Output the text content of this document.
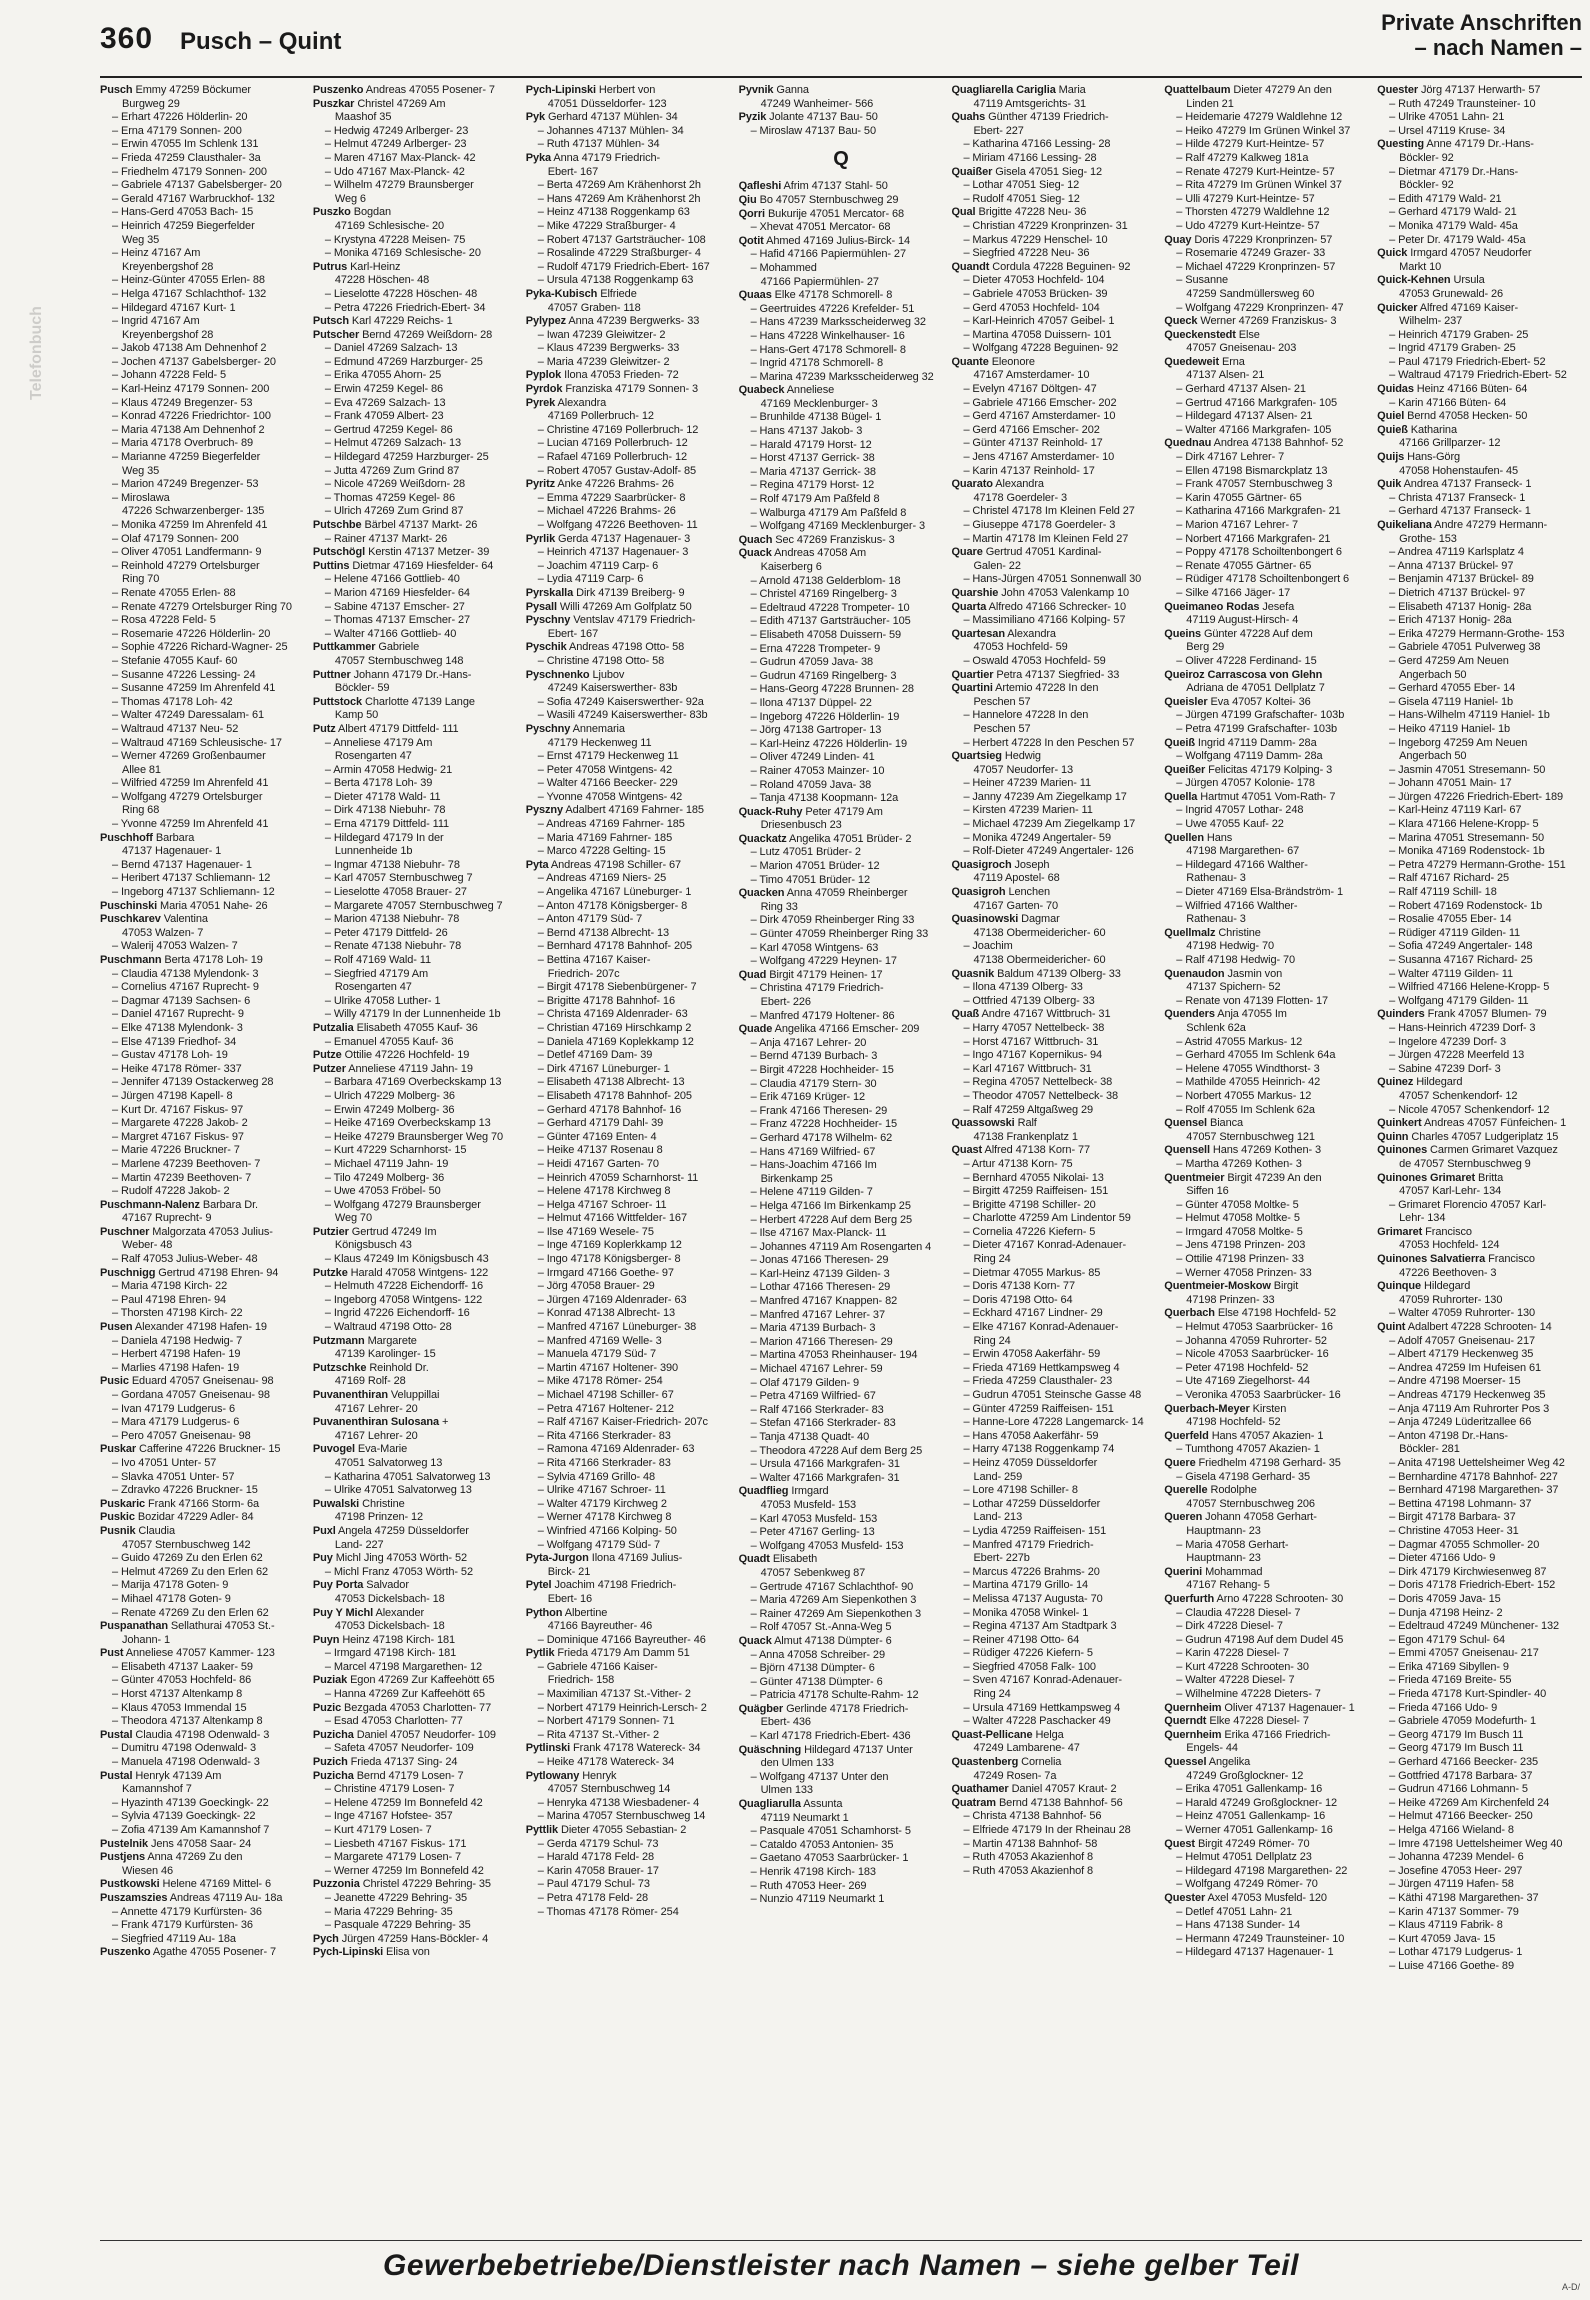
360 Pusch – Quint
Private Anschriften
– nach Namen –
Telefonbuch
Pusch Emmy 47259 Böckumer
Burgweg 29
– Erhart 47226 Hölderlin- 20
– Erna 47179 Sonnen- 200
– Erwin 47055 Im Schlenk 131
– Frieda 47259 Clausthaler- 3a
– Friedhelm 47179 Sonnen- 200
– Gabriele 47137 Gabelsberger- 20
– Gerald 47167 Warbruckhof- 132
– Hans-Gerd 47053 Bach- 15
– Heinrich 47259 Biegerfelder
Weg 35
– Heinz 47167 Am
Kreyenbergshof 28
– Heinz-Günter 47055 Erlen- 88
– Helga 47167 Schlachthof- 132
– Hildegard 47167 Kurt- 1
– Ingrid 47167 Am
Kreyenbergshof 28
– Jakob 47138 Am Dehnenhof 2
– Jochen 47137 Gabelsberger- 20
– Johann 47228 Feld- 5
– Karl-Heinz 47179 Sonnen- 200
– Klaus 47249 Bregenzer- 53
– Konrad 47226 Friedrichtor- 100
– Maria 47138 Am Dehnenhof 2
– Maria 47178 Overbruch- 89
– Marianne 47259 Biegerfelder
Weg 35
– Marion 47249 Bregenzer- 53
– Miroslawa
47226 Schwarzenberger- 135
– Monika 47259 Im Ahrenfeld 41
– Olaf 47179 Sonnen- 200
– Oliver 47051 Landfermann- 9
– Reinhold 47279 Ortelsburger
Ring 70
– Renate 47055 Erlen- 88
– Renate 47279 Ortelsburger Ring 70
– Rosa 47228 Feld- 5
– Rosemarie 47226 Hölderlin- 20
– Sophie 47226 Richard-Wagner- 25
– Stefanie 47055 Kauf- 60
– Susanne 47226 Lessing- 24
– Susanne 47259 Im Ahrenfeld 41
– Thomas 47178 Loh- 42
– Walter 47249 Daressalam- 61
– Waltraud 47137 Neu- 52
– Waltraud 47169 Schleusische- 17
– Werner 47269 Großenbaumer
Allee 81
– Wilfried 47259 Im Ahrenfeld 41
– Wolfgang 47279 Ortelsburger
Ring 68
– Yvonne 47259 Im Ahrenfeld 41
Puschhoff Barbara
47137 Hagenauer- 1
– Bernd 47137 Hagenauer- 1
– Heribert 47137 Schliemann- 12
– Ingeborg 47137 Schliemann- 12
Puschinski Maria 47051 Nahe- 26
Puschkarev Valentina
47053 Walzen- 7
– Walerij 47053 Walzen- 7
Puschmann Berta 47178 Loh- 19
– Claudia 47138 Mylendonk- 3
– Cornelius 47167 Ruprecht- 9
– Dagmar 47139 Sachsen- 6
– Daniel 47167 Ruprecht- 9
– Elke 47138 Mylendonk- 3
– Else 47139 Friedhof- 34
– Gustav 47178 Loh- 19
– Heike 47178 Römer- 337
– Jennifer 47139 Ostackerweg 28
– Jürgen 47198 Kapell- 8
– Kurt Dr. 47167 Fiskus- 97
– Margarete 47228 Jakob- 2
– Margret 47167 Fiskus- 97
– Marie 47226 Bruckner- 7
– Marlene 47239 Beethoven- 7
– Martin 47239 Beethoven- 7
– Rudolf 47228 Jakob- 2
Puschmann-Nalenz Barbara Dr.
47167 Ruprecht- 9
Puschner Malgorzata 47053 Julius-
Weber- 48
– Ralf 47053 Julius-Weber- 48
Puschnigg Gertrud 47198 Ehren- 94
– Maria 47198 Kirch- 22
– Paul 47198 Ehren- 94
– Thorsten 47198 Kirch- 22
Pusen Alexander 47198 Hafen- 19
– Daniela 47198 Hedwig- 7
– Herbert 47198 Hafen- 19
– Marlies 47198 Hafen- 19
Pusic Eduard 47057 Gneisenau- 98
– Gordana 47057 Gneisenau- 98
– Ivan 47179 Ludgerus- 6
– Mara 47179 Ludgerus- 6
– Pero 47057 Gneisenau- 98
Puskar Cafferine 47226 Bruckner- 15
– Ivo 47051 Unter- 57
– Slavka 47051 Unter- 57
– Zdravko 47226 Bruckner- 15
Puskaric Frank 47166 Storm- 6a
Puskic Bozidar 47229 Adler- 84
Pusnik Claudia
47057 Sternbuschweg 142
– Guido 47269 Zu den Erlen 62
– Helmut 47269 Zu den Erlen 62
– Marija 47178 Goten- 9
– Mihael 47178 Goten- 9
– Renate 47269 Zu den Erlen 62
Puspanathan Sellathurai 47053 St.-
Johann- 1
Pust Anneliese 47057 Kammer- 123
– Elisabeth 47137 Laaker- 59
– Günter 47053 Hochfeld- 86
– Horst 47137 Altenkamp 8
– Klaus 47053 Immendal 15
– Theodora 47137 Altenkamp 8
Pustal Claudia 47198 Odenwald- 3
– Dumitru 47198 Odenwald- 3
– Manuela 47198 Odenwald- 3
Pustal Henryk 47139 Am
Kamannshof 7
– Hyazinth 47139 Goeckingk- 22
– Sylvia 47139 Goeckingk- 22
– Zofia 47139 Am Kamannshof 7
Pustelnik Jens 47058 Saar- 24
Pustjens Anna 47269 Zu den
Wiesen 46
Pustkowski Helene 47169 Mittel- 6
Puszamszies Andreas 47119 Au- 18a
– Annette 47179 Kurfürsten- 36
– Frank 47179 Kurfürsten- 36
– Siegfried 47119 Au- 18a
Puszenko Agathe 47055 Posener- 7
Puszenko Andreas 47055 Posener- 7
Puszkar Christel 47269 Am
Maashof 35
– Hedwig 47249 Arlberger- 23
– Helmut 47249 Arlberger- 23
– Maren 47167 Max-Planck- 42
– Udo 47167 Max-Planck- 42
– Wilhelm 47279 Braunsberger
Weg 6
Puszko Bogdan
47169 Schlesische- 20
– Krystyna 47228 Meisen- 75
– Monika 47169 Schlesische- 20
Putrus Karl-Heinz
47228 Höschen- 48
– Lieselotte 47228 Höschen- 48
– Petra 47226 Friedrich-Ebert- 34
Putsch Karl 47229 Reichs- 1
Putscher Bernd 47269 Weißdorn- 28
– Daniel 47269 Salzach- 13
– Edmund 47269 Harzburger- 25
– Erika 47055 Ahorn- 25
– Erwin 47259 Kegel- 86
– Eva 47269 Salzach- 13
– Frank 47059 Albert- 23
– Gertrud 47259 Kegel- 86
– Helmut 47269 Salzach- 13
– Hildegard 47259 Harzburger- 25
– Jutta 47269 Zum Grind 87
– Nicole 47269 Weißdorn- 28
– Thomas 47259 Kegel- 86
– Ulrich 47269 Zum Grind 87
Putschbe Bärbel 47137 Markt- 26
– Rainer 47137 Markt- 26
Putschögl Kerstin 47137 Metzer- 39
Puttins Dietmar 47169 Hiesfelder- 64
– Helene 47166 Gottlieb- 40
– Marion 47169 Hiesfelder- 64
– Sabine 47137 Emscher- 27
– Thomas 47137 Emscher- 27
– Walter 47166 Gottlieb- 40
Puttkammer Gabriele
47057 Sternbuschweg 148
Puttner Johann 47179 Dr.-Hans-
Böckler- 59
Puttstock Charlotte 47139 Lange
Kamp 50
Putz Albert 47179 Dittfeld- 111
– Anneliese 47179 Am
Rosengarten 47
– Armin 47058 Hedwig- 21
– Berta 47178 Loh- 39
– Dieter 47178 Wald- 11
– Dirk 47138 Niebuhr- 78
– Erna 47179 Dittfeld- 111
– Hildegard 47179 In der
Lunnenheide 1b
– Ingmar 47138 Niebuhr- 78
– Karl 47057 Sternbuschweg 7
– Lieselotte 47058 Brauer- 27
– Margarete 47057 Sternbuschweg 7
– Marion 47138 Niebuhr- 78
– Peter 47179 Dittfeld- 26
– Renate 47138 Niebuhr- 78
– Rolf 47169 Wald- 11
– Siegfried 47179 Am
Rosengarten 47
– Ulrike 47058 Luther- 1
– Willy 47179 In der Lunnenheide 1b
Putzalia Elisabeth 47055 Kauf- 36
– Emanuel 47055 Kauf- 36
Putze Ottilie 47226 Hochfeld- 19
Putzer Anneliese 47119 Jahn- 19
– Barbara 47169 Overbeckskamp 13
– Ulrich 47229 Molberg- 36
– Erwin 47249 Molberg- 36
– Heike 47169 Overbeckskamp 13
– Heike 47279 Braunsberger Weg 70
– Kurt 47229 Scharnhorst- 15
– Michael 47119 Jahn- 19
– Tilo 47249 Molberg- 36
– Uwe 47053 Fröbel- 50
– Wolfgang 47279 Braunsberger
Weg 70
Putzier Gertrud 47249 Im
Königsbusch 43
– Klaus 47249 Im Königsbusch 43
Putzke Harald 47058 Wintgens- 122
– Helmuth 47228 Eichendorff- 16
– Ingeborg 47058 Wintgens- 122
– Ingrid 47226 Eichendorff- 16
– Waltraud 47198 Otto- 28
Putzmann Margarete
47139 Karolinger- 15
Putzschke Reinhold Dr.
47169 Rolf- 28
Puvanenthiran Veluppillai
47167 Lehrer- 20
Puvanenthiran Sulosana +
47167 Lehrer- 20
Puvogel Eva-Marie
47051 Salvatorweg 13
– Katharina 47051 Salvatorweg 13
– Ulrike 47051 Salvatorweg 13
Puwalski Christine
47198 Prinzen- 12
Puxl Angela 47259 Düsseldorfer
Land- 227
Puy Michl Jing 47053 Wörth- 52
– Michl Franz 47053 Wörth- 52
Puy Porta Salvador
47053 Dickelsbach- 18
Puy Y Michl Alexander
47053 Dickelsbach- 18
Puyn Heinz 47198 Kirch- 181
– Irmgard 47198 Kirch- 181
– Marcel 47198 Margarethen- 12
Puziak Egon 47269 Zur Kaffeehött 65
– Hanna 47269 Zur Kaffeehött 65
Puzic Bezgada 47053 Charlotten- 77
– Esad 47053 Charlotten- 77
Puzicha Daniel 47057 Neudorfer- 109
– Safeta 47057 Neudorfer- 109
Puzich Frieda 47137 Sing- 24
Puzicha Bernd 47179 Losen- 7
– Christine 47179 Losen- 7
– Helene 47259 Im Bonnefeld 42
– Inge 47167 Hofstee- 357
– Kurt 47179 Losen- 7
– Liesbeth 47167 Fiskus- 171
– Margarete 47179 Losen- 7
– Werner 47259 Im Bonnefeld 42
Puzzonia Christel 47229 Behring- 35
– Jeanette 47229 Behring- 35
– Maria 47229 Behring- 35
– Pasquale 47229 Behring- 35
Pych Jürgen 47259 Hans-Böckler- 4
Pych-Lipinski Elisa von
Pych-Lipinski Herbert von
47051 Düsseldorfer- 123
Pyk Gerhard 47137 Mühlen- 34
– Johannes 47137 Mühlen- 34
– Ruth 47137 Mühlen- 34
Pyka Anna 47179 Friedrich-
Ebert- 167
– Berta 47269 Am Krähenhorst 2h
– Hans 47269 Am Krähenhorst 2h
– Heinz 47138 Roggenkamp 63
– Mike 47229 Straßburger- 4
– Robert 47137 Gartsträucher- 108
– Rosalinde 47229 Straßburger- 4
– Rudolf 47179 Friedrich-Ebert- 167
– Ursula 47138 Roggenkamp 63
Pyka-Kubisch Elfriede
47057 Graben- 118
Pylypez Anna 47239 Bergwerks- 33
– Iwan 47239 Gleiwitzer- 2
– Klaus 47239 Bergwerks- 33
– Maria 47239 Gleiwitzer- 2
Pyplok Ilona 47053 Frieden- 72
Pyrdok Franziska 47179 Sonnen- 3
Pyrek Alexandra
47169 Pollerbruch- 12
– Christine 47169 Pollerbruch- 12
– Lucian 47169 Pollerbruch- 12
– Rafael 47169 Pollerbruch- 12
– Robert 47057 Gustav-Adolf- 85
Pyritz Anke 47226 Brahms- 26
– Emma 47229 Saarbrücker- 8
– Michael 47226 Brahms- 26
– Wolfgang 47226 Beethoven- 11
Pyrlik Gerda 47137 Hagenauer- 3
– Heinrich 47137 Hagenauer- 3
– Joachim 47119 Carp- 6
– Lydia 47119 Carp- 6
Pyrskalla Dirk 47139 Breiberg- 9
Pysall Willi 47269 Am Golfplatz 50
Pyschny Ventslav 47179 Friedrich-
Ebert- 167
Pyschik Andreas 47198 Otto- 58
– Christine 47198 Otto- 58
Pyschnenko Ljubov
47249 Kaiserswerther- 83b
– Sofia 47249 Kaiserswerther- 92a
– Wasili 47249 Kaiserswerther- 83b
Pyschny Annemaria
47179 Heckenweg 11
– Ernst 47179 Heckenweg 11
– Peter 47058 Wintgens- 42
– Walter 47166 Beecker- 229
– Yvonne 47058 Wintgens- 42
Pyszny Adalbert 47169 Fahrner- 185
– Andreas 47169 Fahrner- 185
– Maria 47169 Fahrner- 185
– Marco 47228 Gelting- 15
Pyta Andreas 47198 Schiller- 67
– Andreas 47169 Niers- 25
– Angelika 47167 Lüneburger- 1
– Anton 47178 Königsberger- 8
– Anton 47179 Süd- 7
– Bernd 47138 Albrecht- 13
– Bernhard 47178 Bahnhof- 205
– Bettina 47167 Kaiser-
Friedrich- 207c
– Birgit 47178 Siebenbürgener- 7
– Brigitte 47178 Bahnhof- 16
– Christa 47169 Aldenrader- 63
– Christian 47169 Hirschkamp 2
– Daniela 47169 Koplekkamp 12
– Detlef 47169 Dam- 39
– Dirk 47167 Lüneburger- 1
– Elisabeth 47138 Albrecht- 13
– Elisabeth 47178 Bahnhof- 205
– Gerhard 47178 Bahnhof- 16
– Gerhard 47179 Dahl- 39
– Günter 47169 Enten- 4
– Heike 47137 Rosenau 8
– Heidi 47167 Garten- 70
– Heinrich 47059 Scharnhorst- 11
– Helene 47178 Kirchweg 8
– Helga 47167 Schroer- 11
– Helmut 47166 Wittfelder- 167
– Ilse 47169 Wesele- 75
– Inge 47169 Koplerkkamp 12
– Ingo 47178 Königsberger- 8
– Irmgard 47166 Goethe- 97
– Jörg 47058 Brauer- 29
– Jürgen 47169 Aldenrader- 63
– Konrad 47138 Albrecht- 13
– Manfred 47167 Lüneburger- 38
– Manfred 47169 Welle- 3
– Manuela 47179 Süd- 7
– Martin 47167 Holtener- 390
– Mike 47178 Römer- 254
– Michael 47198 Schiller- 67
– Petra 47167 Holtener- 212
– Ralf 47167 Kaiser-Friedrich- 207c
– Rita 47166 Sterkrader- 83
– Ramona 47169 Aldenrader- 63
– Rita 47166 Sterkrader- 83
– Sylvia 47169 Grillo- 48
– Ulrike 47167 Schroer- 11
– Walter 47179 Kirchweg 2
– Werner 47178 Kirchweg 8
– Winfried 47166 Kolping- 50
– Wolfgang 47179 Süd- 7
Pyta-Jurgon Ilona 47169 Julius-
Birck- 21
Pytel Joachim 47198 Friedrich-
Ebert- 16
Python Albertine
47166 Bayreuther- 46
– Dominique 47166 Bayreuther- 46
Pytlik Frieda 47179 Am Damm 51
– Gabriele 47166 Kaiser-
Friedrich- 158
– Maximilian 47137 St.-Vither- 2
– Norbert 47179 Heinrich-Lersch- 2
– Norbert 47179 Sonnen- 71
– Rita 47137 St.-Vither- 2
Pytlinski Frank 47178 Watereck- 34
– Heike 47178 Watereck- 34
Pytlowany Henryk
47057 Sternbuschweg 14
– Henryka 47138 Wiesbadener- 4
– Marina 47057 Sternbuschweg 14
Pyttlik Dieter 47055 Sebastian- 2
– Gerda 47179 Schul- 73
– Harald 47178 Feld- 28
– Karin 47058 Brauer- 17
– Paul 47179 Schul- 73
– Petra 47178 Feld- 28
– Thomas 47178 Römer- 254
Pyvnik Ganna
47249 Wanheimer- 566
Pyzik Jolante 47137 Bau- 50
– Miroslaw 47137 Bau- 50
Q
Qafleshi Afrim 47137 Stahl- 50
Qiu Bo 47057 Sternbuschweg 29
Qorri Bukurije 47051 Mercator- 68
– Xhevat 47051 Mercator- 68
Qotit Ahmed 47169 Julius-Birck- 14
– Hafid 47166 Papiermühlen- 27
– Mohammed
47166 Papiermühlen- 27
Quaas Elke 47178 Schmorell- 8
– Geertruides 47226 Krefelder- 51
– Hans 47239 Marksscheiderweg 32
– Hans 47228 Winkelhauser- 16
– Hans-Gert 47178 Schmorell- 8
– Ingrid 47178 Schmorell- 8
– Marina 47239 Marksscheiderweg 32
Quabeck Anneliese
47169 Mecklenburger- 3
– Brunhilde 47138 Bügel- 1
– Hans 47137 Jakob- 3
– Harald 47179 Horst- 12
– Horst 47137 Gerrick- 38
– Maria 47137 Gerrick- 38
– Regina 47179 Horst- 12
– Rolf 47179 Am Paßfeld 8
– Walburga 47179 Am Paßfeld 8
– Wolfgang 47169 Mecklenburger- 3
Quach Sec 47269 Franziskus- 3
Quack Andreas 47058 Am
Kaiserberg 6
– Arnold 47138 Gelderblom- 18
– Christel 47169 Ringelberg- 3
– Edeltraud 47228 Trompeter- 10
– Edith 47137 Gartsträucher- 105
– Elisabeth 47058 Duissern- 59
– Erna 47228 Trompeter- 9
– Gudrun 47059 Java- 38
– Gudrun 47169 Ringelberg- 3
– Hans-Georg 47228 Brunnen- 28
– Ilona 47137 Düppel- 22
– Ingeborg 47226 Hölderlin- 19
– Jörg 47138 Gartroper- 13
– Karl-Heinz 47226 Hölderlin- 19
– Oliver 47249 Linden- 41
– Rainer 47053 Mainzer- 10
– Roland 47059 Java- 38
– Tanja 47138 Koopmann- 12a
Quack-Ruhy Peter 47179 Am
Driesenbusch 23
Quackatz Angelika 47051 Brüder- 2
– Lutz 47051 Brüder- 2
– Marion 47051 Brüder- 12
– Timo 47051 Brüder- 12
Quacken Anna 47059 Rheinberger
Ring 33
– Dirk 47059 Rheinberger Ring 33
– Günter 47059 Rheinberger Ring 33
– Karl 47058 Wintgens- 63
– Wolfgang 47229 Heynen- 17
Quad Birgit 47179 Heinen- 17
– Christina 47179 Friedrich-
Ebert- 226
– Manfred 47179 Holtener- 86
Quade Angelika 47166 Emscher- 209
– Anja 47167 Lehrer- 20
– Bernd 47139 Burbach- 3
– Birgit 47228 Hochheider- 15
– Claudia 47179 Stern- 30
– Erik 47169 Krüger- 12
– Frank 47166 Theresen- 29
– Franz 47228 Hochheider- 15
– Gerhard 47178 Wilhelm- 62
– Hans 47169 Wilfried- 67
– Hans-Joachim 47166 Im
Birkenkamp 25
– Helene 47119 Gilden- 7
– Helga 47166 Im Birkenkamp 25
– Herbert 47228 Auf dem Berg 25
– Ilse 47167 Max-Planck- 11
– Johannes 47119 Am Rosengarten 4
– Jonas 47166 Theresen- 29
– Karl-Heinz 47139 Gilden- 3
– Lothar 47166 Theresen- 29
– Manfred 47167 Knappen- 82
– Manfred 47167 Lehrer- 37
– Maria 47139 Burbach- 3
– Marion 47166 Theresen- 29
– Martina 47053 Rheinhauser- 194
– Michael 47167 Lehrer- 59
– Olaf 47179 Gilden- 9
– Petra 47169 Wilfried- 67
– Ralf 47166 Sterkrader- 83
– Stefan 47166 Sterkrader- 83
– Tanja 47138 Quadt- 40
– Theodora 47228 Auf dem Berg 25
– Ursula 47166 Markgrafen- 31
– Walter 47166 Markgrafen- 31
Quadflieg Irmgard
47053 Musfeld- 153
– Karl 47053 Musfeld- 153
– Peter 47167 Gerling- 13
– Wolfgang 47053 Musfeld- 153
Quadt Elisabeth
47057 Sebenkweg 87
– Gertrude 47167 Schlachthof- 90
– Maria 47269 Am Siepenkothen 3
– Rainer 47269 Am Siepenkothen 3
– Rolf 47057 St.-Anna-Weg 5
Quack Almut 47138 Dümpter- 6
– Anna 47058 Schreiber- 29
– Björn 47138 Dümpter- 6
– Günter 47138 Dümpter- 6
– Patricia 47178 Schulte-Rahm- 12
Quägber Gerlinde 47178 Friedrich-
Ebert- 436
– Karl 47178 Friedrich-Ebert- 436
Quäschning Hildegard 47137 Unter
den Ulmen 133
– Wolfgang 47137 Unter den
Ulmen 133
Quagliarulla Assunta
47119 Neumarkt 1
– Pasquale 47051 Schamhorst- 5
– Cataldo 47053 Antonien- 35
– Gaetano 47053 Saarbrücker- 1
– Henrik 47198 Kirch- 183
– Ruth 47053 Heer- 269
– Nunzio 47119 Neumarkt 1
Quagliarella Cariglia Maria
47119 Amtsgerichts- 31
Quahs Günther 47139 Friedrich-
Ebert- 227
– Katharina 47166 Lessing- 28
– Miriam 47166 Lessing- 28
Quaißer Gisela 47051 Sieg- 12
– Lothar 47051 Sieg- 12
– Rudolf 47051 Sieg- 12
Qual Brigitte 47228 Neu- 36
– Christian 47229 Kronprinzen- 31
– Markus 47229 Henschel- 10
– Siegfried 47228 Neu- 36
Quandt Cordula 47228 Beguinen- 92
– Dieter 47053 Hochfeld- 104
– Gabriele 47053 Brücken- 39
– Gerd 47053 Hochfeld- 104
– Karl-Heinrich 47057 Geibel- 1
– Martina 47058 Duissern- 101
– Wolfgang 47228 Beguinen- 92
Quante Eleonore
47167 Amsterdamer- 10
– Evelyn 47167 Döltgen- 47
– Gabriele 47166 Emscher- 202
– Gerd 47167 Amsterdamer- 10
– Gerd 47166 Emscher- 202
– Günter 47137 Reinhold- 17
– Jens 47167 Amsterdamer- 10
– Karin 47137 Reinhold- 17
Quarato Alexandra
47178 Goerdeler- 3
– Christel 47178 Im Kleinen Feld 27
– Giuseppe 47178 Goerdeler- 3
– Martin 47178 Im Kleinen Feld 27
Quare Gertrud 47051 Kardinal-
Galen- 22
– Hans-Jürgen 47051 Sonnenwall 30
Quarshie John 47053 Valenkamp 10
Quarta Alfredo 47166 Schrecker- 10
– Massimiliano 47166 Kolping- 57
Quartesan Alexandra
47053 Hochfeld- 59
– Oswald 47053 Hochfeld- 59
Quartier Petra 47137 Siegfried- 33
Quartini Artemio 47228 In den
Peschen 57
– Hannelore 47228 In den
Peschen 57
– Herbert 47228 In den Peschen 57
Quartsieg Hedwig
47057 Neudorfer- 13
– Heiner 47239 Marien- 11
– Janny 47239 Am Ziegelkamp 17
– Kirsten 47239 Marien- 11
– Michael 47239 Am Ziegelkamp 17
– Monika 47249 Angertaler- 59
– Rolf-Dieter 47249 Angertaler- 126
Quasigroch Joseph
47119 Apostel- 68
Quasigroh Lenchen
47167 Garten- 70
Quasinowski Dagmar
47138 Obermeidericher- 60
– Joachim
47138 Obermeidericher- 60
Quasnik Baldum 47139 Olberg- 33
– Ilona 47139 Olberg- 33
– Ottfried 47139 Olberg- 33
Quaß Andre 47167 Wittbruch- 31
– Harry 47057 Nettelbeck- 38
– Horst 47167 Wittbruch- 31
– Ingo 47167 Kopernikus- 94
– Karl 47167 Wittbruch- 31
– Regina 47057 Nettelbeck- 38
– Theodor 47057 Nettelbeck- 38
– Ralf 47259 Altgaßweg 29
Quassowski Ralf
47138 Frankenplatz 1
Quast Alfred 47138 Korn- 77
– Artur 47138 Korn- 75
– Bernhard 47055 Nikolai- 13
– Birgitt 47259 Raiffeisen- 151
– Brigitte 47198 Schiller- 20
– Charlotte 47259 Am Lindentor 59
– Cornelia 47226 Kiefern- 5
– Dieter 47167 Konrad-Adenauer-
Ring 24
– Dietmar 47055 Markus- 85
– Doris 47138 Korn- 77
– Doris 47198 Otto- 64
– Eckhard 47167 Lindner- 29
– Elke 47167 Konrad-Adenauer-
Ring 24
– Erwin 47058 Aakerfähr- 59
– Frieda 47169 Hettkampsweg 4
– Frieda 47259 Clausthaler- 23
– Gudrun 47051 Steinsche Gasse 48
– Günter 47259 Raiffeisen- 151
– Hanne-Lore 47228 Langemarck- 14
– Hans 47058 Aakerfähr- 59
– Harry 47138 Roggenkamp 74
– Heinz 47059 Düsseldorfer
Land- 259
– Lore 47198 Schiller- 8
– Lothar 47259 Düsseldorfer
Land- 213
– Lydia 47259 Raiffeisen- 151
– Manfred 47179 Friedrich-
Ebert- 227b
– Marcus 47226 Brahms- 20
– Martina 47179 Grillo- 14
– Melissa 47137 Augusta- 70
– Monika 47058 Winkel- 1
– Regina 47137 Am Stadtpark 3
– Reiner 47198 Otto- 64
– Rüdiger 47226 Kiefern- 5
– Siegfried 47058 Falk- 100
– Sven 47167 Konrad-Adenauer-
Ring 24
– Ursula 47169 Hettkampsweg 4
– Walter 47228 Paschacker 49
Quast-Pellicane Helga
47249 Lambarene- 47
Quastenberg Cornelia
47249 Rosen- 7a
Quathamer Daniel 47057 Kraut- 2
Quatram Bernd 47138 Bahnhof- 56
– Christa 47138 Bahnhof- 56
– Elfriede 47179 In der Rheinau 28
– Martin 47138 Bahnhof- 58
– Ruth 47053 Akazienhof 8
– Ruth 47053 Akazienhof 8
Quattelbaum Dieter 47279 An den
Linden 21
– Heidemarie 47279 Waldlehne 12
– Heiko 47279 Im Grünen Winkel 37
– Hilde 47279 Kurt-Heintze- 57
– Ralf 47279 Kalkweg 181a
– Renate 47279 Kurt-Heintze- 57
– Rita 47279 Im Grünen Winkel 37
– Ulli 47279 Kurt-Heintze- 57
– Thorsten 47279 Waldlehne 12
– Udo 47279 Kurt-Heintze- 57
Quay Doris 47229 Kronprinzen- 57
– Rosemarie 47249 Grazer- 33
– Michael 47229 Kronprinzen- 57
– Susanne
47259 Sandmüllersweg 60
– Wolfgang 47229 Kronprinzen- 47
Queck Werner 47269 Franziskus- 3
Queckenstedt Else
47057 Gneisenau- 203
Quedeweit Erna
47137 Alsen- 21
– Gerhard 47137 Alsen- 21
– Gertrud 47166 Markgrafen- 105
– Hildegard 47137 Alsen- 21
– Walter 47166 Markgrafen- 105
Quednau Andrea 47138 Bahnhof- 52
– Dirk 47167 Lehrer- 7
– Ellen 47198 Bismarckplatz 13
– Frank 47057 Sternbuschweg 3
– Karin 47055 Gärtner- 65
– Katharina 47166 Markgrafen- 21
– Marion 47167 Lehrer- 7
– Norbert 47166 Markgrafen- 21
– Poppy 47178 Schoiltenbongert 6
– Renate 47055 Gärtner- 65
– Rüdiger 47178 Schoiltenbongert 6
– Silke 47166 Jäger- 17
Queimaneo Rodas Jesefa
47119 August-Hirsch- 4
Queins Günter 47228 Auf dem
Berg 29
– Oliver 47228 Ferdinand- 15
Queiroz Carrascosa von Glehn
Adriana de 47051 Dellplatz 7
Queisler Eva 47057 Koltei- 36
– Jürgen 47199 Grafschafter- 103b
– Petra 47199 Grafschafter- 103b
Queiß Ingrid 47119 Damm- 28a
– Wolfgang 47119 Damm- 28a
Queißer Felicitas 47179 Kolping- 3
– Jürgen 47057 Kolonie- 178
Quella Hartmut 47051 Vom-Rath- 7
– Ingrid 47057 Lothar- 248
– Uwe 47055 Kauf- 22
Quellen Hans
47198 Margarethen- 67
– Hildegard 47166 Walther-
Rathenau- 3
– Dieter 47169 Elsa-Brändström- 1
– Wilfried 47166 Walther-
Rathenau- 3
Quellmalz Christine
47198 Hedwig- 70
– Ralf 47198 Hedwig- 70
Quenaudon Jasmin von
47137 Spichern- 52
– Renate von 47139 Flotten- 17
Quenders Anja 47055 Im
Schlenk 62a
– Astrid 47055 Markus- 12
– Gerhard 47055 Im Schlenk 64a
– Helene 47055 Windthorst- 3
– Mathilde 47055 Heinrich- 42
– Norbert 47055 Markus- 12
– Rolf 47055 Im Schlenk 62a
Quensel Bianca
47057 Sternbuschweg 121
Quensell Hans 47269 Kothen- 3
– Martha 47269 Kothen- 3
Quentmeier Birgit 47239 An den
Siffen 16
– Günter 47058 Moltke- 5
– Helmut 47058 Moltke- 5
– Irmgard 47058 Moltke- 5
– Jens 47198 Prinzen- 203
– Ottilie 47198 Prinzen- 33
– Werner 47058 Prinzen- 33
Quentmeier-Moskow Birgit
47198 Prinzen- 33
Querbach Else 47198 Hochfeld- 52
– Helmut 47053 Saarbrücker- 16
– Johanna 47059 Ruhrorter- 52
– Nicole 47053 Saarbrücker- 16
– Peter 47198 Hochfeld- 52
– Ute 47169 Ziegelhorst- 44
– Veronika 47053 Saarbrücker- 16
Querbach-Meyer Kirsten
47198 Hochfeld- 52
Querfeld Hans 47057 Akazien- 1
– Tumthong 47057 Akazien- 1
Quere Friedhelm 47198 Gerhard- 35
– Gisela 47198 Gerhard- 35
Querelle Rodolphe
47057 Sternbuschweg 206
Queren Johann 47058 Gerhart-
Hauptmann- 23
– Maria 47058 Gerhart-
Hauptmann- 23
Querini Mohammad
47167 Rehang- 5
Querfurth Arno 47228 Schrooten- 30
– Claudia 47228 Diesel- 7
– Dirk 47228 Diesel- 7
– Gudrun 47198 Auf dem Dudel 45
– Karin 47228 Diesel- 7
– Kurt 47228 Schrooten- 30
– Walter 47228 Diesel- 7
– Wilhelmine 47228 Dieters- 7
Quernheim Oliver 47137 Hagenauer- 1
Querndt Elke 47228 Diesel- 7
Quernheim Erika 47166 Friedrich-
Engels- 44
Quessel Angelika
47249 Großglockner- 12
– Erika 47051 Gallenkamp- 16
– Harald 47249 Großglockner- 12
– Heinz 47051 Gallenkamp- 16
– Werner 47051 Gallenkamp- 16
Quest Birgit 47249 Römer- 70
– Helmut 47051 Dellplatz 23
– Hildegard 47198 Margarethen- 22
– Wolfgang 47249 Römer- 70
Quester Axel 47053 Musfeld- 120
– Detlef 47051 Lahn- 21
– Hans 47138 Sunder- 14
– Hermann 47249 Traunsteiner- 10
– Hildegard 47137 Hagenauer- 1
Quester Jörg 47137 Herwarth- 57
– Ruth 47249 Traunsteiner- 10
– Ulrike 47051 Lahn- 21
– Ursel 47119 Kruse- 34
Questing Anne 47179 Dr.-Hans-
Böckler- 92
– Dietmar 47179 Dr.-Hans-
Böckler- 92
– Edith 47179 Wald- 21
– Gerhard 47179 Wald- 21
– Monika 47179 Wald- 45a
– Peter Dr. 47179 Wald- 45a
Quick Irmgard 47057 Neudorfer
Markt 10
Quick-Kehnen Ursula
47053 Grunewald- 26
Quicker Alfred 47169 Kaiser-
Wilhelm- 237
– Heinrich 47179 Graben- 25
– Ingrid 47179 Graben- 25
– Paul 47179 Friedrich-Ebert- 52
– Waltraud 47179 Friedrich-Ebert- 52
Quidas Heinz 47166 Büten- 64
– Karin 47166 Büten- 64
Quiel Bernd 47058 Hecken- 50
Quieß Katharina
47166 Grillparzer- 12
Quijs Hans-Görg
47058 Hohenstaufen- 45
Quik Andrea 47137 Franseck- 1
– Christa 47137 Franseck- 1
– Gerhard 47137 Franseck- 1
Quikeliana Andre 47279 Hermann-
Grothe- 153
– Andrea 47119 Karlsplatz 4
– Anna 47137 Brückel- 97
– Benjamin 47137 Brückel- 89
– Dietrich 47137 Brückel- 97
– Elisabeth 47137 Honig- 28a
– Erich 47137 Honig- 28a
– Erika 47279 Hermann-Grothe- 153
– Gabriele 47051 Pulverweg 38
– Gerd 47259 Am Neuen
Angerbach 50
– Gerhard 47055 Eber- 14
– Gisela 47119 Haniel- 1b
– Hans-Wilhelm 47119 Haniel- 1b
– Heiko 47119 Haniel- 1b
– Ingeborg 47259 Am Neuen
Angerbach 50
– Jasmin 47051 Stresemann- 50
– Johann 47051 Main- 17
– Jürgen 47226 Friedrich-Ebert- 189
– Karl-Heinz 47119 Karl- 67
– Klara 47166 Helene-Kropp- 5
– Marina 47051 Stresemann- 50
– Monika 47169 Rodenstock- 1b
– Petra 47279 Hermann-Grothe- 151
– Ralf 47167 Richard- 25
– Ralf 47119 Schill- 18
– Robert 47169 Rodenstock- 1b
– Rosalie 47055 Eber- 14
– Rüdiger 47119 Gilden- 11
– Sofia 47249 Angertaler- 148
– Susanna 47167 Richard- 25
– Walter 47119 Gilden- 11
– Wilfried 47166 Helene-Kropp- 5
– Wolfgang 47179 Gilden- 11
Quinders Frank 47057 Blumen- 79
– Hans-Heinrich 47239 Dorf- 3
– Ingelore 47239 Dorf- 3
– Jürgen 47228 Meerfeld 13
– Sabine 47239 Dorf- 3
Quinez Hildegard
47057 Schenkendorf- 12
– Nicole 47057 Schenkendorf- 12
Quinkert Andreas 47057 Fünfeichen- 1
Quinn Charles 47057 Ludgeriplatz 15
Quinones Carmen Grimaret Vazquez
de 47057 Sternbuschweg 9
Quinones Grimaret Britta
47057 Karl-Lehr- 134
– Grimaret Florencio 47057 Karl-
Lehr- 134
Grimaret Francisco
47053 Hochfeld- 124
Quinones Salvatierra Francisco
47226 Beethoven- 3
Quinque Hildegard
47059 Ruhrorter- 130
– Walter 47059 Ruhrorter- 130
Quint Adalbert 47228 Schrooten- 14
– Adolf 47057 Gneisenau- 217
– Albert 47179 Heckenweg 35
– Andrea 47259 Im Hufeisen 61
– Andre 47198 Moerser- 15
– Andreas 47179 Heckenweg 35
– Anja 47119 Am Ruhrorter Pos 3
– Anja 47249 Lüderitzallee 66
– Anton 47198 Dr.-Hans-
Böckler- 281
– Anita 47198 Uettelsheimer Weg 42
– Bernhardine 47178 Bahnhof- 227
– Bernhard 47198 Margarethen- 37
– Bettina 47198 Lohmann- 37
– Birgit 47178 Barbara- 37
– Christine 47053 Heer- 31
– Dagmar 47055 Schmoller- 20
– Dieter 47166 Udo- 9
– Dirk 47179 Kirchwiesenweg 87
– Doris 47178 Friedrich-Ebert- 152
– Doris 47059 Java- 15
– Dunja 47198 Heinz- 2
– Edeltraud 47249 Münchener- 132
– Egon 47179 Schul- 64
– Emmi 47057 Gneisenau- 217
– Erika 47169 Sibyllen- 9
– Frieda 47169 Breite- 55
– Frieda 47178 Kurt-Spindler- 40
– Frieda 47166 Udo- 9
– Gabriele 47059 Modefurth- 1
– Georg 47179 Im Busch 11
– Georg 47179 Im Busch 11
– Gerhard 47166 Beecker- 235
– Gottfried 47178 Barbara- 37
– Gudrun 47166 Lohmann- 5
– Heike 47269 Am Kirchenfeld 24
– Helmut 47166 Beecker- 250
– Helga 47166 Wieland- 8
– Imre 47198 Uettelsheimer Weg 40
– Johanna 47239 Mendel- 6
– Josefine 47053 Heer- 297
– Jürgen 47119 Hafen- 58
– Käthi 47198 Margarethen- 37
– Karin 47137 Sommer- 79
– Klaus 47119 Fabrik- 8
– Kurt 47059 Java- 15
– Lothar 47179 Ludgerus- 1
– Luise 47166 Goethe- 89
Gewerbebetriebe/Dienstleister nach Namen – siehe gelber Teil
A-D/
